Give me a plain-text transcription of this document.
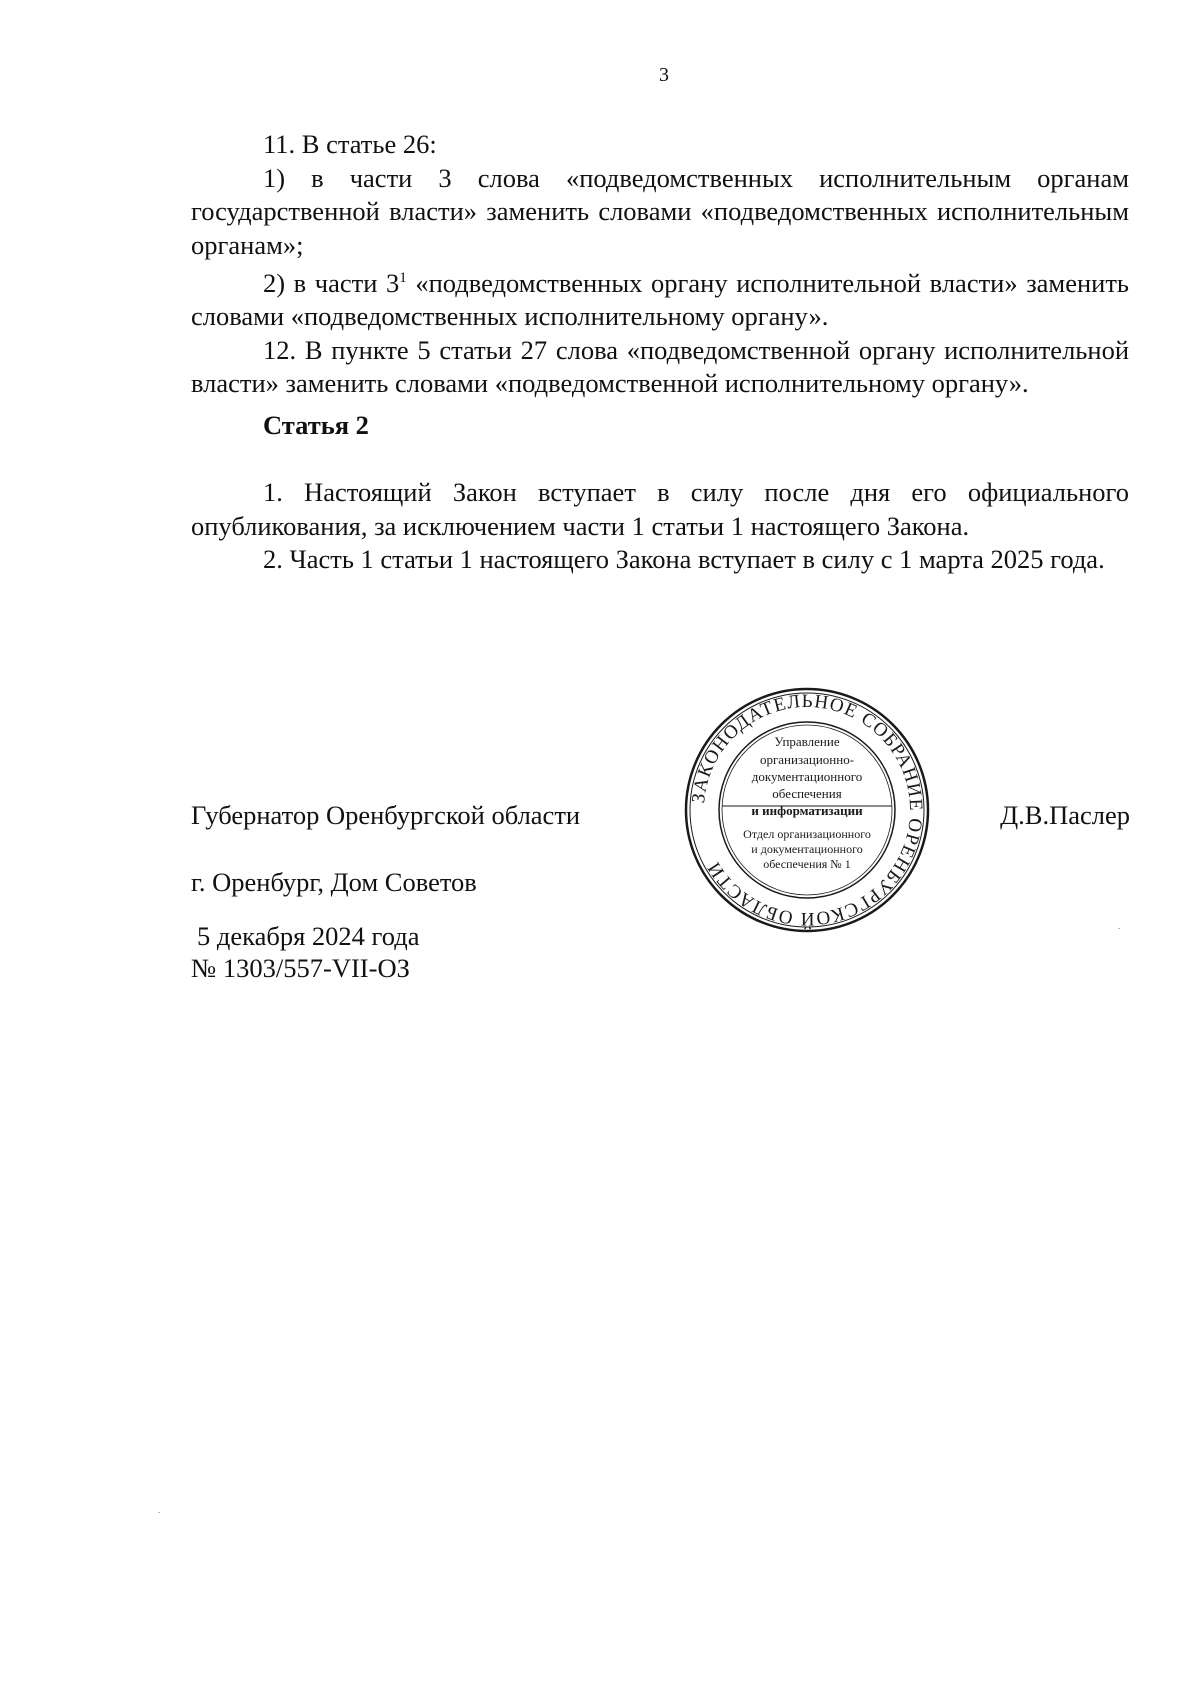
3

11. В статье 26:

1) в части 3 слова «подведомственных исполнительным органам государственной власти» заменить словами «подведомственных исполнительным органам»;

2) в части $3^1$ «подведомственных органу исполнительной власти» заменить словами «подведомственных исполнительному органу».

12. В пункте 5 статьи 27 слова «подведомственной органу исполнительной власти» заменить словами «подведомственной исполнительному органу».

Статья 2

1. Настоящий Закон вступает в силу после дня его официального опубликования, за исключением части 1 статьи 1 настоящего Закона.

2. Часть 1 статьи 1 настоящего Закона вступает в силу с 1 марта 2025 года.

Губернатор Оренбургской области	Д.В.Паслер
г. Оренбург, Дом Советов
5 декабря 2024 года
№ 1303/557-VII-ОЗ
ЗАКОНОДАТЕЛЬНОЕ СОБРАНИЕ ОРЕНБУРГСКОЙ ОБЛАСТИ
Управление
организационно-
документационного
обеспечения
и информатизации
Отдел организационного
и документационного
обеспечения № 1
